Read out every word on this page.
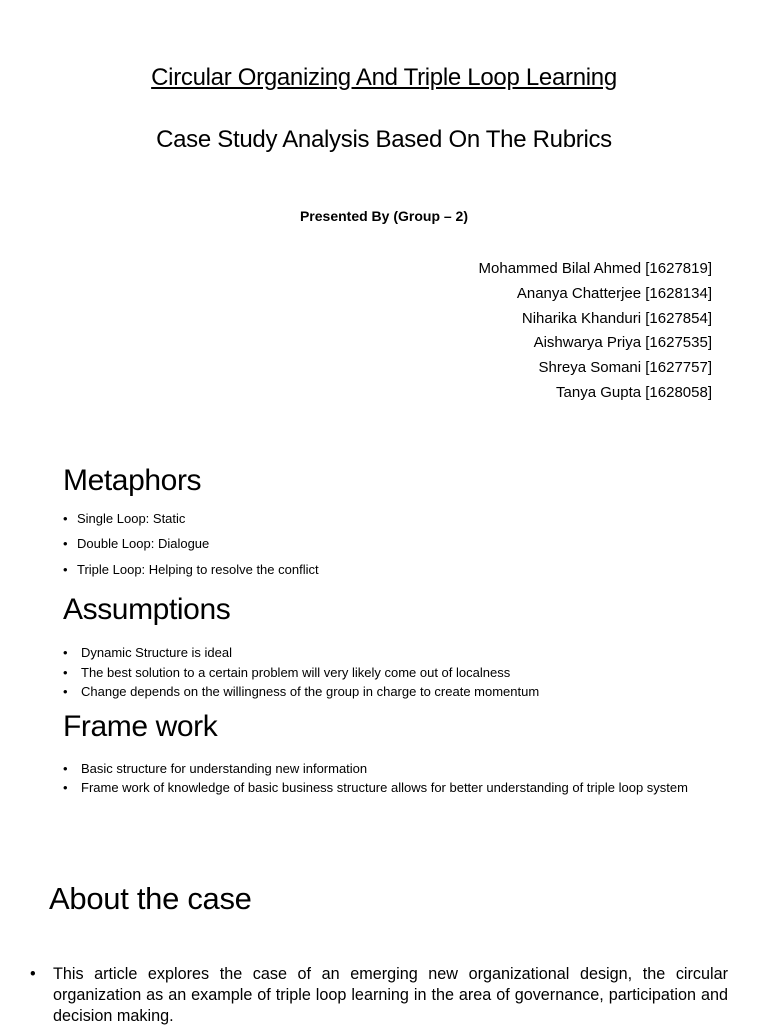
Circular Organizing And Triple Loop Learning
Case Study Analysis Based On The Rubrics
Presented By (Group – 2)
Mohammed Bilal Ahmed [1627819]
Ananya Chatterjee [1628134]
Niharika Khanduri [1627854]
Aishwarya Priya [1627535]
Shreya Somani [1627757]
Tanya Gupta [1628058]
Metaphors
• Single Loop: Static
• Double Loop: Dialogue
• Triple Loop: Helping to resolve the conflict
Assumptions
• Dynamic Structure is ideal
• The best solution to a certain problem will very likely come out of localness
• Change depends on the willingness of the group in charge to create momentum
Frame work
• Basic structure for understanding new information
• Frame work of knowledge of basic business structure allows for better understanding of triple loop system
About the case
• This article explores the case of an emerging new organizational design, the circular organization as an example of triple loop learning in the area of governance, participation and decision making.
